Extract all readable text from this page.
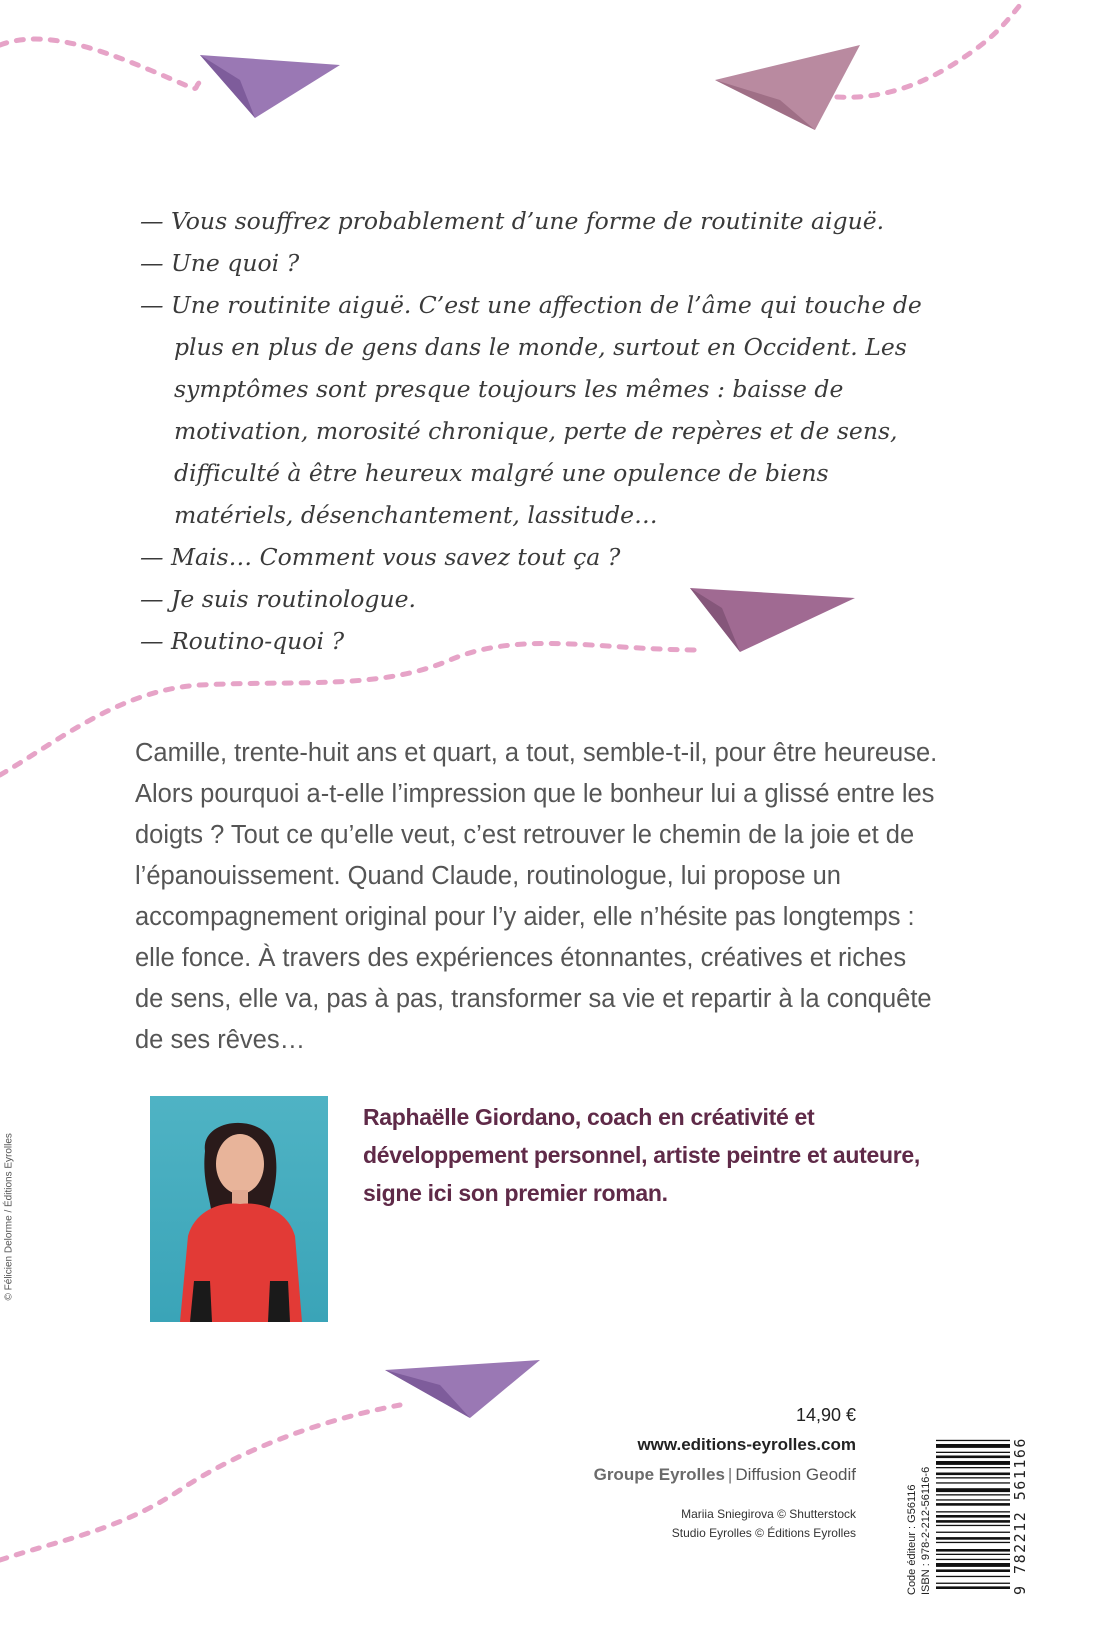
— Vous souffrez probablement d’une forme de routinite aiguë.

— Une quoi ?

— Une routinite aiguë. C’est une affection de l’âme qui touche de plus en plus de gens dans le monde, surtout en Occident. Les symptômes sont presque toujours les mêmes : baisse de motivation, morosité chronique, perte de repères et de sens, difficulté à être heureux malgré une opulence de biens matériels, désenchantement, lassitude…

— Mais… Comment vous savez tout ça ?

— Je suis routinologue.

— Routino-quoi ?

Camille, trente-huit ans et quart, a tout, semble-t-il, pour être heureuse. Alors pourquoi a-t-elle l’impression que le bonheur lui a glissé entre les doigts ? Tout ce qu’elle veut, c’est retrouver le chemin de la joie et de l’épanouissement. Quand Claude, routinologue, lui propose un accompagnement original pour l’y aider, elle n’hésite pas longtemps : elle fonce. À travers des expériences étonnantes, créatives et riches de sens, elle va, pas à pas, transformer sa vie et repartir à la conquête de ses rêves…
© Félicien Delorme / Éditions Eyrolles
Raphaëlle Giordano, coach en créativité et développement personnel, artiste peintre et auteure, signe ici son premier roman.
14,90 €
www.editions-eyrolles.com
Groupe Eyrolles | Diffusion Geodif
Mariia Sniegirova © Shutterstock
Studio Eyrolles © Éditions Eyrolles	Code éditeur : G56116 ISBN : 978-2-212-56116-6	9 782212 561166
